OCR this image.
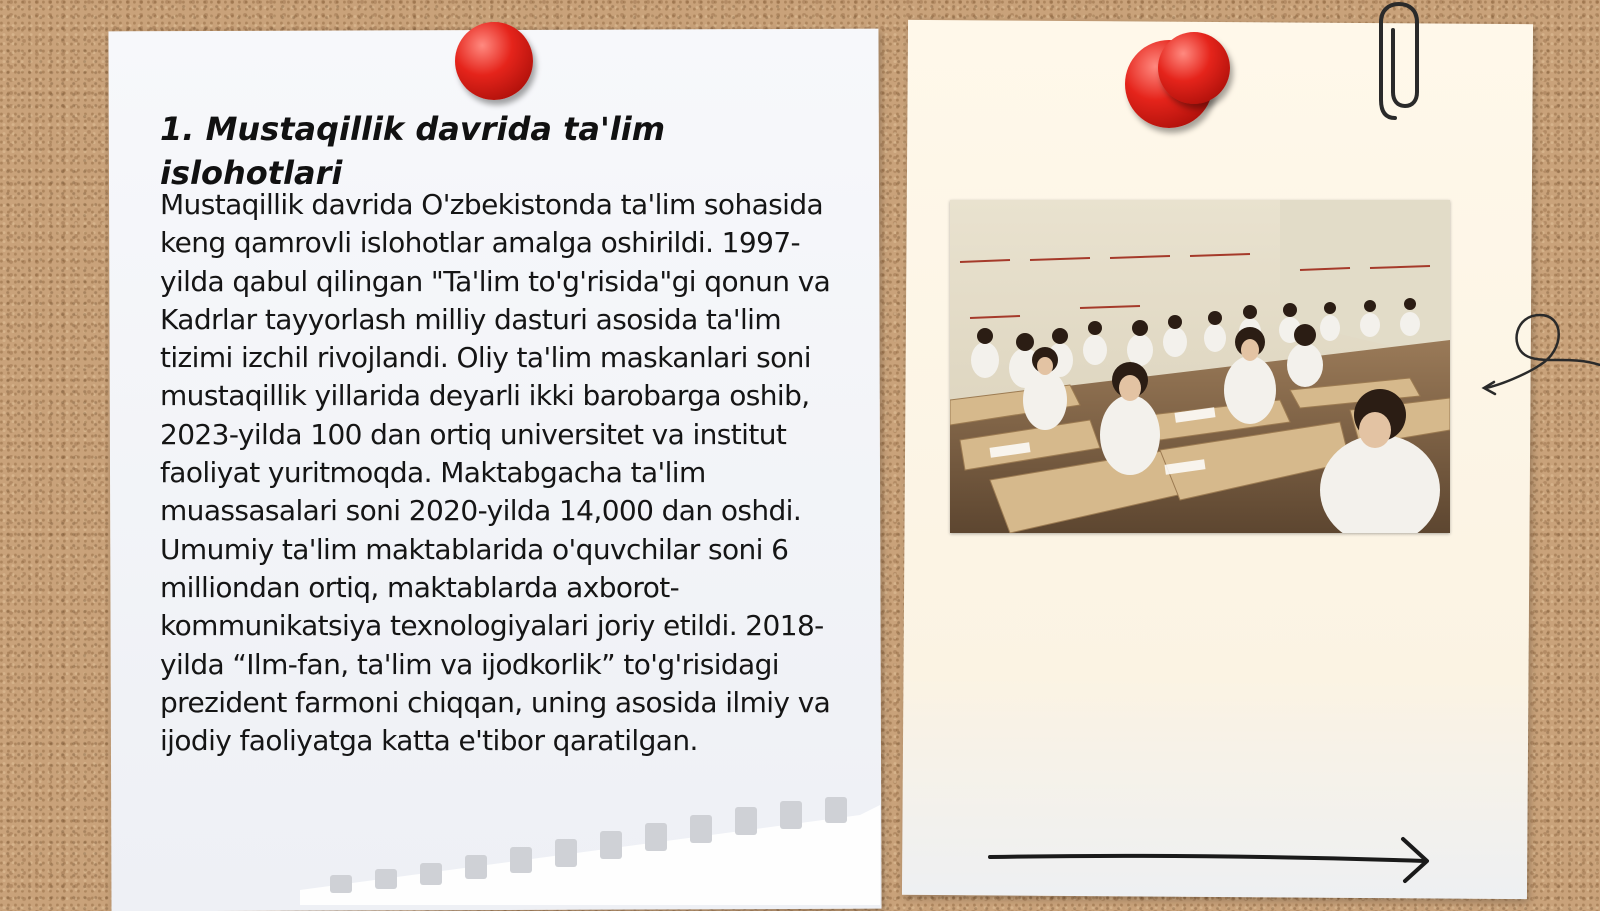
1. Mustaqillik davrida ta'lim islohotlari

Mustaqillik davrida O'zbekistonda ta'lim sohasida keng qamrovli islohotlar amalga oshirildi. 1997-yilda qabul qilingan "Ta'lim to'g'risida"gi qonun va Kadrlar tayyorlash milliy dasturi asosida ta'lim tizimi izchil rivojlandi. Oliy ta'lim maskanlari soni mustaqillik yillarida deyarli ikki barobarga oshib, 2023-yilda 100 dan ortiq universitet va institut faoliyat yuritmoqda. Maktabgacha ta'lim muassasalari soni 2020-yilda 14,000 dan oshdi. Umumiy ta'lim maktablarida o'quvchilar soni 6 milliondan ortiq, maktablarda axborot-kommunikatsiya texnologiyalari joriy etildi. 2018-yilda “Ilm-fan, ta'lim va ijodkorlik” to'g'risidagi prezident farmoni chiqqan, uning asosida ilmiy va ijodiy faoliyatga katta e'tibor qaratilgan.
